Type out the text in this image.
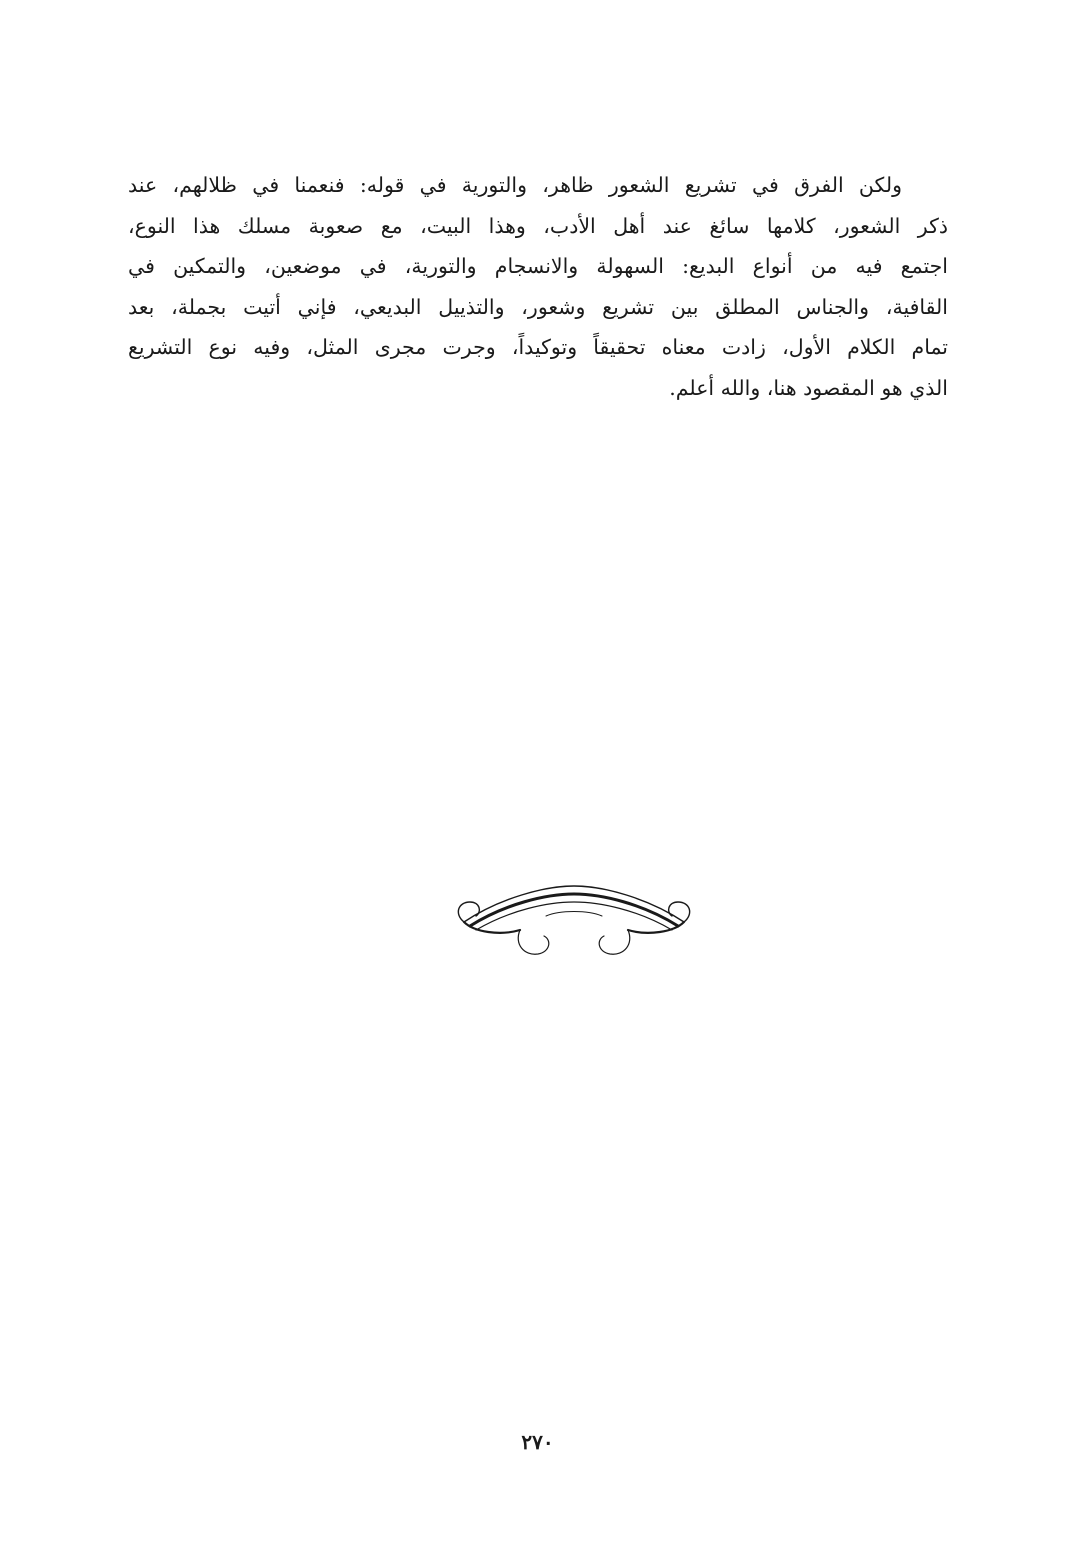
ولكن الفرق في تشريع الشعور ظاهر، والتورية في قوله: فنعمنا في ظلالهم، عند
ذكر الشعور، كلامها سائغ عند أهل الأدب، وهذا البيت، مع صعوبة مسلك هذا النوع،
اجتمع فيه من أنواع البديع: السهولة والانسجام والتورية، في موضعين، والتمكين في
القافية، والجناس المطلق بين تشريع وشعور، والتذييل البديعي، فإني أتيت بجملة، بعد
تمام الكلام الأول، زادت معناه تحقيقاً وتوكيداً، وجرت مجرى المثل، وفيه نوع التشريع
الذي هو المقصود هنا، والله أعلم.
٢٧٠
